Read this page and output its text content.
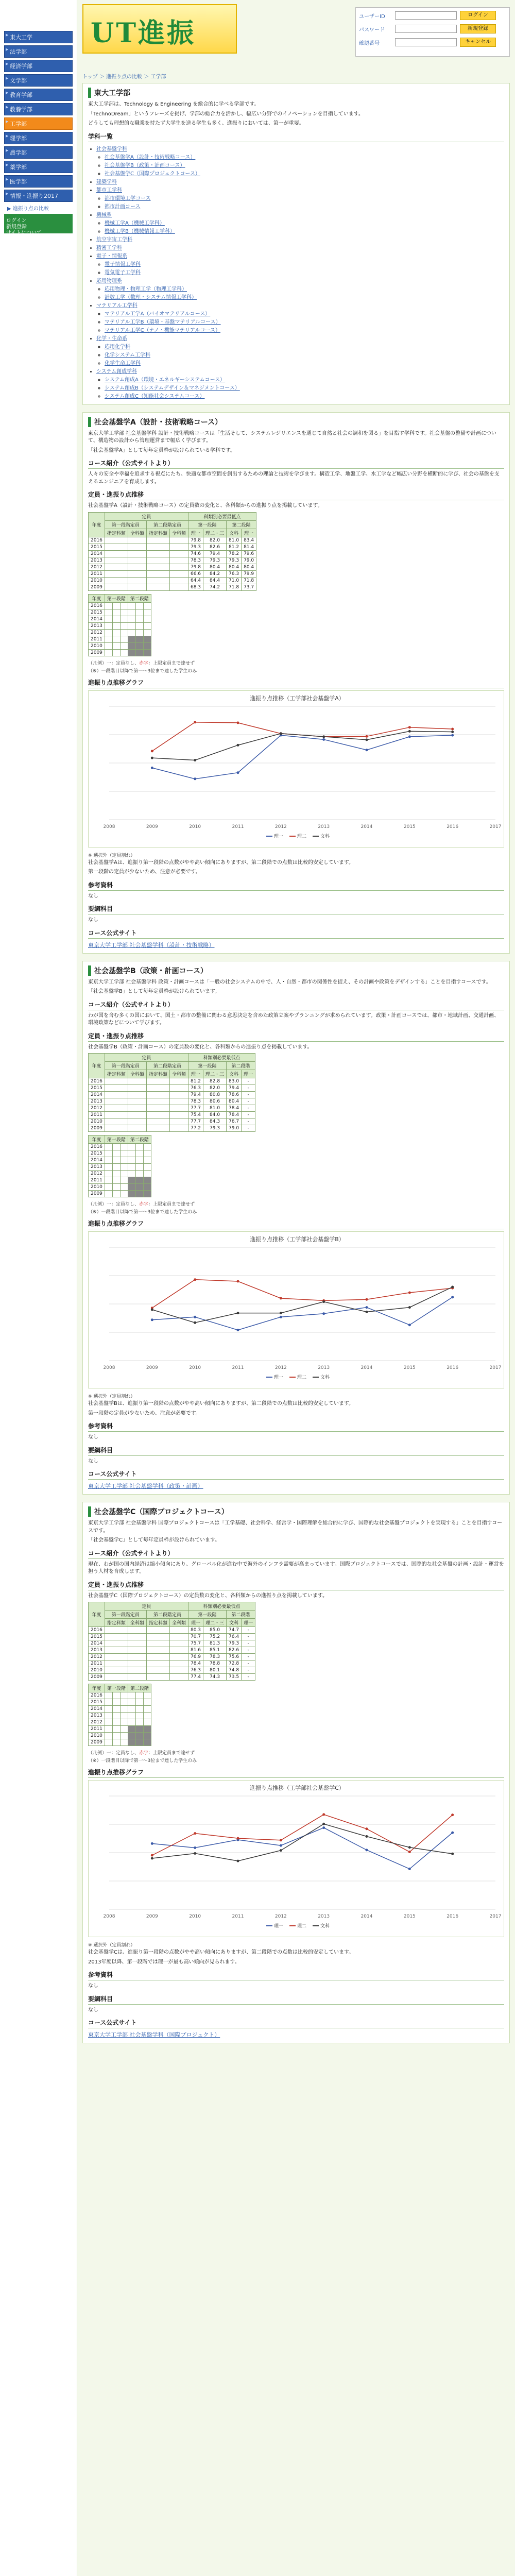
▶ 東大工学
▶ 法学部
▶ 経済学部
▶ 文学部
▶ 教育学部
▶ 教養学部
▶ 工学部
▶ 理学部
▶ 農学部
▶ 薬学部
▶ 医学部
▶ 情報・進振り2017
▶ 進振り点の比較
ログイン
新規登録
サイトについて
UT進振
ユーザーID	ログイン
パスワード	新規登録
確認番号	キャンセル
トップ ＞ 進振り点の比較 ＞ 工学部
東大工学部

東大工学部は、Technology & Engineering を総合的に学べる学部です。

「TechnoDream」というフレーズを掲げ、学部の総合力を活かし、幅広い分野でのイノベーションを目指しています。

どうしても理想的な職業を持たず大学生を送る学生も多く、進振りにおいては、第一が重要。

学科一覧
• 社会基盤学科
◦ 社会基盤学A（設計・技術戦略コース）
◦ 社会基盤学B（政策・計画コース）
◦ 社会基盤学C（国際プロジェクトコース）
• 建築学科
• 都市工学科
◦ 都市環境工学コース
◦ 都市計画コース
• 機械系
◦ 機械工学A（機械工学科）
◦ 機械工学B（機械情報工学科）
• 航空宇宙工学科
• 精密工学科
• 電子・情報系
◦ 電子情報工学科
◦ 電気電子工学科
• 応用物理系
◦ 応用物理・物理工学（物理工学科）
◦ 計数工学（数理・システム情報工学科）
• マテリアル工学科
◦ マテリアル工学A（バイオマテリアルコース）
◦ マテリアル工学B（環境・基盤マテリアルコース）
◦ マテリアル工学C（ナノ・機能マテリアルコース）
• 化学・生命系
◦ 応用化学科
◦ 化学システム工学科
◦ 化学生命工学科
• システム創成学科
◦ システム創成A（環境・エネルギーシステムコース）
◦ システム創成B（システムデザイン＆マネジメントコース）
◦ システム創成C（知能社会システムコース）
社会基盤学A（設計・技術戦略コース）

東京大学工学部 社会基盤学科 設計・技術戦略コースは「生活そして、システムレジリエンスを通じて自然と社会の調和を図る」を目指す学科です。社会基盤の整備や計画について、構造物の設計から管理運営まで幅広く学びます。

「社会基盤学A」として毎年定員枠が設けられている学科です。

コース紹介（公式サイトより）

人々の安全や幸福を追求する視点にたち、快適な都市空間を創出するための理論と技術を学びます。構造工学、地盤工学、水工学など幅広い分野を横断的に学び、社会の基盤を支えるエンジニアを育成します。

定員・進振り点推移

社会基盤学A（設計・技術戦略コース）の定員数の変化と、各科類からの進振り点を掲載しています。

年度	定員				科類別必要最低点			
	第一段階定員		第二段階定員		第一段階		第二段階	
	指定科類	全科類	指定科類	全科類	理一	理二・三	文科	理一
2016					79.8	82.0	81.0	83.4
2015					79.3	82.6	81.2	81.4
2014					74.6	79.4	78.2	79.6
2013					78.3	79.3	79.3	79.0
2012					79.8	80.4	80.4	80.4
2011					66.6	84.2	76.3	79.9
2010					64.4	84.4	71.0	71.8
2009					68.3	74.2	71.8	73.7
年度	第一段階			第二段階		
2016						
2015						
2014						
2013						
2012						
2011						
2010						
2009						
（凡例）一：定員なし、赤字：上限定員まで達せず
（※）一段階目以降で第一〜3位まで達した学生のみ
進振り点推移グラフ
進振り点推移（工学部社会基盤学A）
2008	2009	2010	2011	2012	2013	2014	2015	2016	2017
理一	理二	文科
※ 選択外（定員割れ）

社会基盤学Aは、進振り第一段階の点数がやや高い傾向にありますが、第二段階での点数は比較的安定しています。

第一段階の定員が少ないため、注意が必要です。

参考資料

なし

要綱科目

なし

コース公式サイト
東京大学工学部 社会基盤学科（設計・技術戦略）
社会基盤学B（政策・計画コース）

東京大学工学部 社会基盤学科 政策・計画コースは「一般の社会システムの中で、人・自然・都市の関係性を捉え、その計画や政策をデザインする」ことを目指すコースです。

「社会基盤学B」として毎年定員枠が設けられています。

コース紹介（公式サイトより）

わが国を含む多くの国において、国土・都市の整備に関わる意思決定を含めた政策立案やプランニングが求められています。政策・計画コースでは、都市・地域計画、交通計画、環境政策などについて学びます。

定員・進振り点推移

社会基盤学B（政策・計画コース）の定員数の変化と、各科類からの進振り点を掲載しています。

年度	定員				科類別必要最低点			
	第一段階定員		第二段階定員		第一段階		第二段階	
	指定科類	全科類	指定科類	全科類	理一	理二・三	文科	理一
2016					81.2	82.8	83.0	-
2015					76.3	82.0	79.4	-
2014					79.4	80.8	78.6	-
2013					78.3	80.6	80.4	-
2012					77.7	81.0	78.4	-
2011					75.4	84.0	78.4	-
2010					77.7	84.3	76.7	-
2009					77.2	79.3	79.0	-
年度	第一段階			第二段階		
2016						
2015						
2014						
2013						
2012						
2011						
2010						
2009						
（凡例）一：定員なし、赤字：上限定員まで達せず
（※）一段階目以降で第一〜3位まで達した学生のみ
進振り点推移グラフ
進振り点推移（工学部社会基盤学B）
2008	2009	2010	2011	2012	2013	2014	2015	2016	2017
理一	理二	文科
※ 選択外（定員割れ）

社会基盤学Bは、進振り第一段階の点数がやや高い傾向にありますが、第二段階での点数は比較的安定しています。

第一段階の定員が少ないため、注意が必要です。

参考資料

なし

要綱科目

なし

コース公式サイト
東京大学工学部 社会基盤学科（政策・計画）
社会基盤学C（国際プロジェクトコース）

東京大学工学部 社会基盤学科 国際プロジェクトコースは「工学基礎、社会科学、経営学・国際理解を総合的に学び、国際的な社会基盤プロジェクトを実現する」ことを目指すコースです。

「社会基盤学C」として毎年定員枠が設けられています。

コース紹介（公式サイトより）

現在、わが国の国内経済は縮小傾向にあり、グローバル化が進む中で海外のインフラ需要が高まっています。国際プロジェクトコースでは、国際的な社会基盤の計画・設計・運営を担う人材を育成します。

定員・進振り点推移

社会基盤学C（国際プロジェクトコース）の定員数の変化と、各科類からの進振り点を掲載しています。

年度	定員				科類別必要最低点			
	第一段階定員		第二段階定員		第一段階		第二段階	
	指定科類	全科類	指定科類	全科類	理一	理二・三	文科	理一
2016					80.3	85.0	74.7	-
2015					70.7	75.2	76.4	-
2014					75.7	81.3	79.3	-
2013					81.6	85.1	82.6	-
2012					76.9	78.3	75.6	-
2011					78.4	78.8	72.8	-
2010					76.3	80.1	74.8	-
2009					77.4	74.3	73.5	-
年度	第一段階			第二段階		
2016						
2015						
2014						
2013						
2012						
2011						
2010						
2009						
（凡例）一：定員なし、赤字：上限定員まで達せず
（※）一段階目以降で第一〜3位まで達した学生のみ
進振り点推移グラフ
進振り点推移（工学部社会基盤学C）
2008	2009	2010	2011	2012	2013	2014	2015	2016	2017
理一	理二	文科
※ 選択外（定員割れ）

社会基盤学Cは、進振り第一段階の点数がやや高い傾向にありますが、第二段階での点数は比較的安定しています。

2013年度以降、第一段階では理一が最も高い傾向が見られます。

参考資料

なし

要綱科目

なし

コース公式サイト
東京大学工学部 社会基盤学科（国際プロジェクト）
